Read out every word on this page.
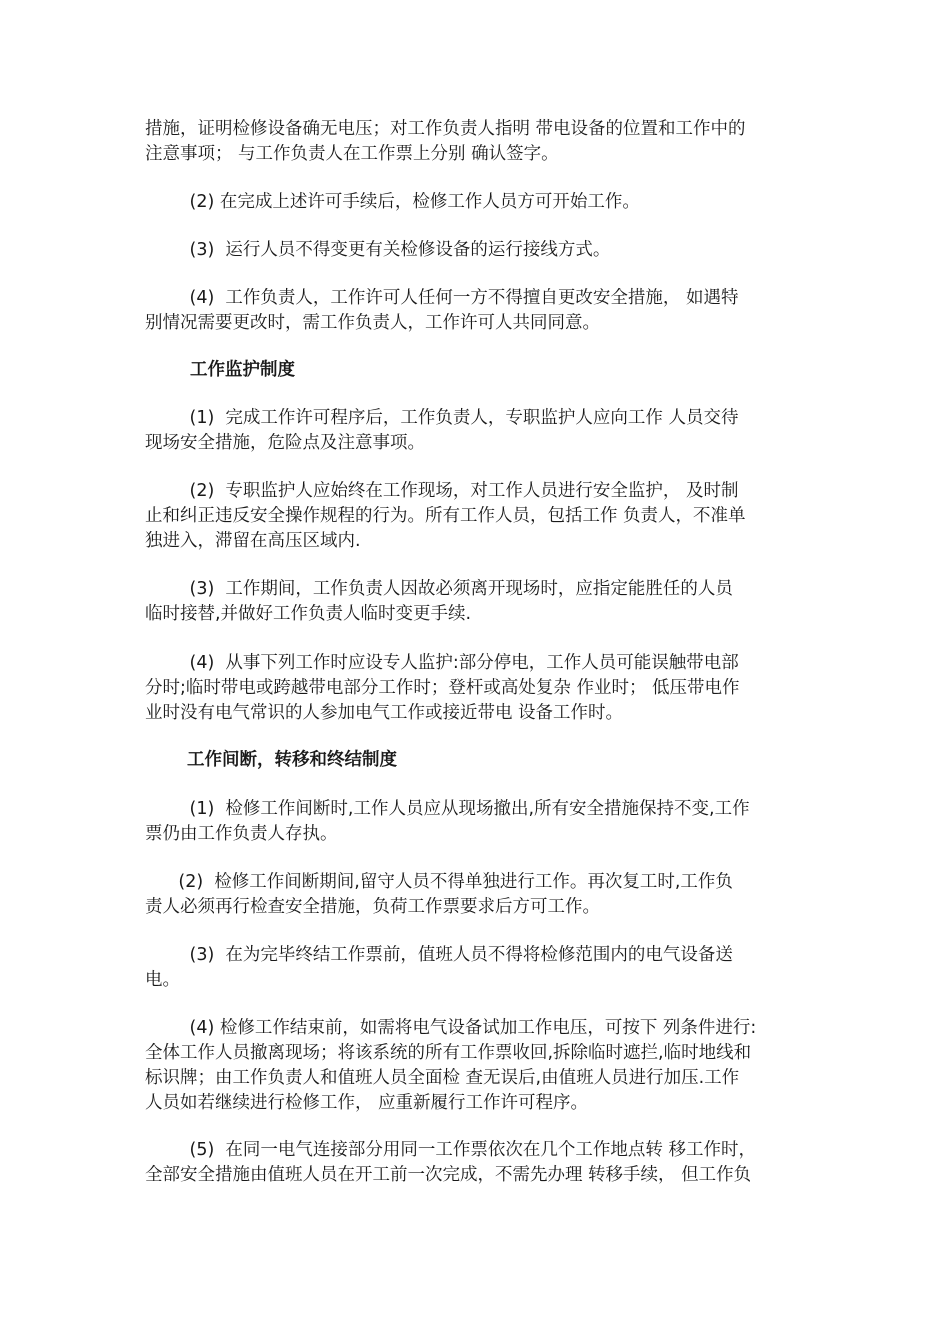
措施，证明检修设备确无电压；对工作负责人指明 带电设备的位置和工作中的
注意事项； 与工作负责人在工作票上分别 确认签字。

(2) 在完成上述许可手续后，检修工作人员方可开始工作。

(3)  运行人员不得变更有关检修设备的运行接线方式。

(4)  工作负责人，工作许可人任何一方不得擅自更改安全措施， 如遇特
别情况需要更改时，需工作负责人，工作许可人共同同意。

工作监护制度

(1)  完成工作许可程序后，工作负责人，专职监护人应向工作 人员交待
现场安全措施，危险点及注意事项。

(2)  专职监护人应始终在工作现场，对工作人员进行安全监护， 及时制
止和纠正违反安全操作规程的行为。所有工作人员，包括工作 负责人，不准单
独进入，滞留在高压区域内.

(3)  工作期间，工作负责人因故必须离开现场时，应指定能胜任的人员
临时接替,并做好工作负责人临时变更手续.

(4)  从事下列工作时应设专人监护:部分停电，工作人员可能误触带电部
分时;临时带电或跨越带电部分工作时；登杆或高处复杂 作业时； 低压带电作
业时没有电气常识的人参加电气工作或接近带电 设备工作时。

工作间断，转移和终结制度

(1)  检修工作间断时,工作人员应从现场撤出,所有安全措施保持不变,工作
票仍由工作负责人存执。

(2)  检修工作间断期间,留守人员不得单独进行工作。再次复工时,工作负
责人必须再行检查安全措施，负荷工作票要求后方可工作。

(3)  在为完毕终结工作票前，值班人员不得将检修范围内的电气设备送
电。

(4) 检修工作结束前，如需将电气设备试加工作电压，可按下 列条件进行:
全体工作人员撤离现场；将该系统的所有工作票收回,拆除临时遮拦,临时地线和
标识牌；由工作负责人和值班人员全面检 查无误后,由值班人员进行加压.工作
人员如若继续进行检修工作， 应重新履行工作许可程序。

(5)  在同一电气连接部分用同一工作票依次在几个工作地点转 移工作时，
全部安全措施由值班人员在开工前一次完成，不需先办理 转移手续， 但工作负
